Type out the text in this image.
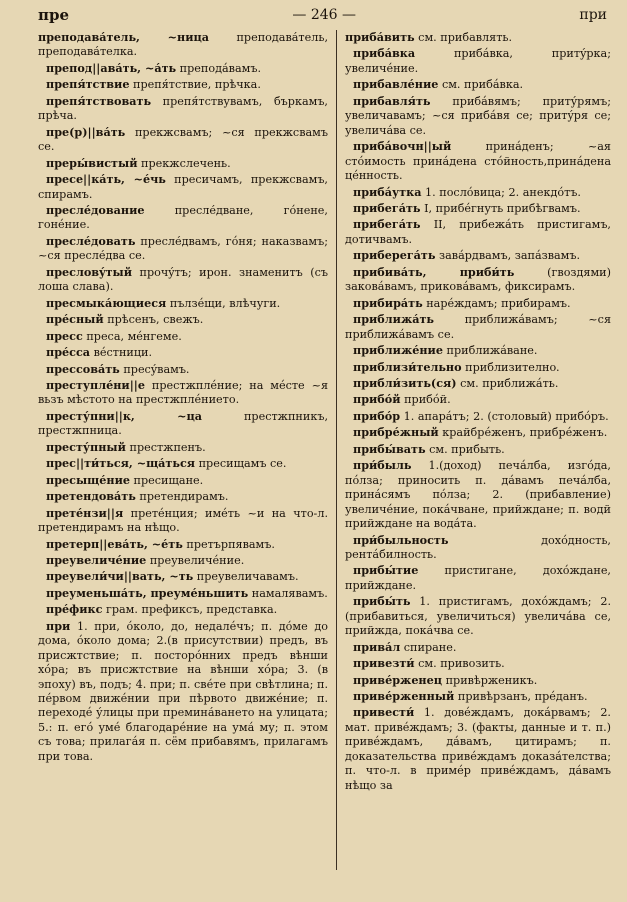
пре	— 246 —	при
преподава́тель, ~ница преподава́тель, преподава́телка.
препод||ава́ть, ~а́ть преподáвамъ.
препя́тствие препя́тствие, прѣчка.
препя́тствовать препя́тствувамъ, бъркамъ, прѣча.
пре(р)||ва́ть прекжсвамъ; ~ся прекжсвамъ се.
преры́вистый прекжслечень.
пресе||ка́ть, ~е́чь пресичамъ, прекжсвамъ, спирамъ.
пресле́дование пресле́дване, гóнене, гонéние.
пресле́довать пресле́двамъ, гóня; наказвамъ; ~ся пресле́два се.
пресловýтый прочýтъ; ирон. знаменитъ (съ лоша слава).
пресмыка́ющиеся пълзéщи, влѣчуги.
пре́сный прѣсенъ, свежъ.
пресс преса, мéнгеме.
пре́сса вéстници.
прессова́ть пресýвамъ.
преступле́ни||е престжплéние; на мéсте ~я вьзъ мѣстото на престжплéнието.
престу́пни||к, ~ца престжпникъ, престжпница.
престу́пный престжпенъ.
прес||ти́ться, ~ща́ться пресищамъ се.
пресыще́ние пресищане.
претендова́ть претендирамъ.
прете́нзи||я претéнция; имéть ~и на что-л. претендирамъ на нѣщо.
претерп||ева́ть, ~е́ть претърпявамъ.
преувеличе́ние преувеличéние.
преувели́чи||вать, ~ть преувеличавамъ.
преуменьша́ть, преуме́ньшить намалявамъ.
пре́фикс грам. префиксъ, представка.
при 1. при, óколо, до, недалéчъ; п. дóме до дома, óколо дома; 2.(в присутствии) предъ, въ присжтствие; п. посторóнних предъ вѣнши хóра; въ присжтствие на вѣнши хóра; 3. (в эпоху) въ, подъ; 4. при; п. свéте при свѣтлина; п. пéрвом движéнии при пѣрвото движéние; п. переходé ýлицы при премина́ването на улицата; 5.: п. егó умé благодарéние на умá му; п. этом съ това; прилагáя п. сём прибавямъ, прилагамъ при това.
приба́вить см. прибавлять.
приба́вка прибáвка, притýрка; увеличéние.
прибавле́ние см. прибáвка.
прибавля́ть прибáвямъ; притýрямъ; увеличавамъ; ~ся прибáвя се; притýря се; увеличáва се.
прибáвочн||ый принáденъ; ~ая стóимость принáдена стóйность,принáдена цéнность.
прибáутка 1. послóвица; 2. анекдóтъ.
прибега́ть I, прибéгнуть прибѣгвамъ.
прибега́ть II, прибежáть пристигамъ, дотичвамъ.
приберега́ть завáрдвамъ, запáзвамъ.
прибива́ть, приби́ть (гвоздями) заковáвамъ, приковáвамъ, фиксирамъ.
прибира́ть нарéждамъ; прибирамъ.
приближа́ть приближáвамъ; ~ся приближáвамъ се.
приближе́ние приближáване.
приблизи́тельно приблизителнo.
прибли́зить(ся) см. приближáть.
прибо́й прибóй.
прибо́р 1. апарáтъ; 2. (столовый) прибóръ.
прибре́жный крайбрéженъ, прибрéженъ.
прибы́вать см. прибыть.
при́быль 1.(доход) печáлба, изгóда, пóлза; приносить п. дáвамъ печáлба, принáсямъ пóлза; 2. (прибавление) увеличéние, покáчване, прийждане; п. водй прийждане на водáта.
при́быльность дохóдность, рентáбилность.
прибы́тие пристигане, дохóждане, прийждане.
прибы́ть 1. пристигамъ, дохóждамъ; 2.(прибавиться, увеличиться) увеличáва се, прийжда, покáчва се.
прива́л спиране.
привезти́ см. привозить.
приве́рженец привѣрженикъ.
приве́рженный привѣрзанъ, прéданъ.
привести́ 1. довéждамъ, докáрвамъ; 2. мат. привéждамъ; 3. (факты, данные и т. п.) привéждамъ, дáвамъ, цитирамъ; п. доказательства привéждамъ доказáтелства; п. что-л. в примéр привéждамъ, дáвамъ нѣщо за
